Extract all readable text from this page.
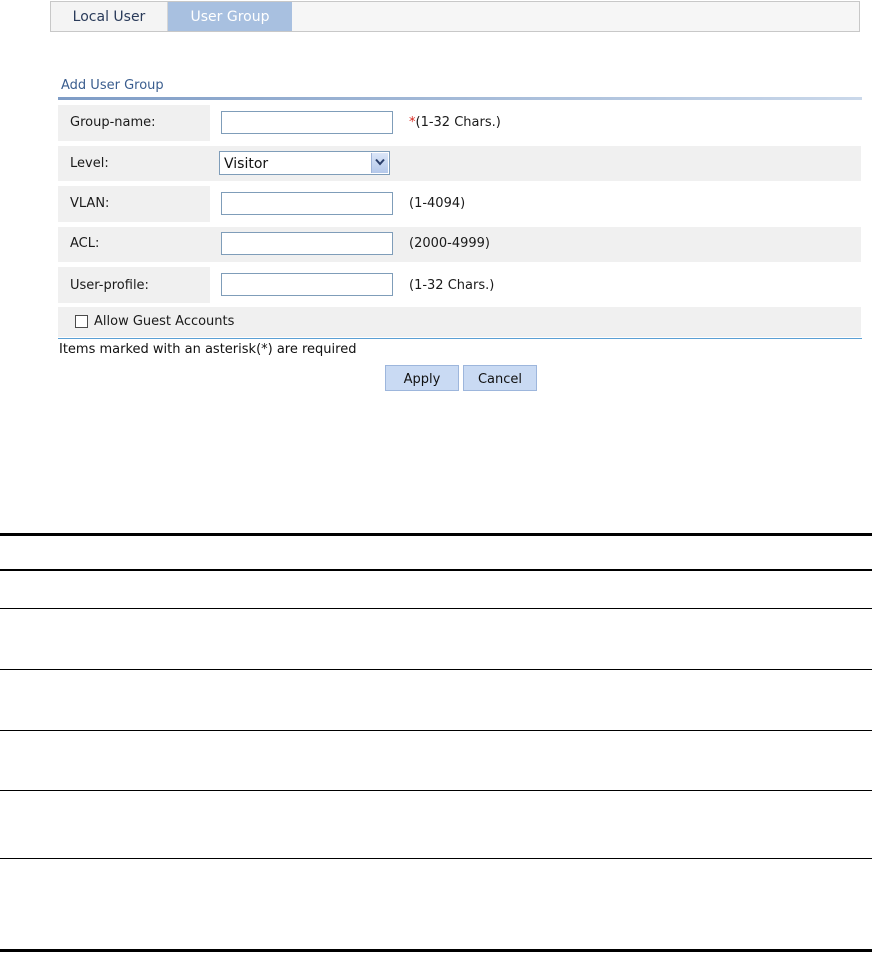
Local User	User Group
Add User Group
Group-name:	*(1-32 Chars.)
Level:	Visitor
VLAN:	(1-4094)
ACL:	(2000-4999)
User-profile:	(1-32 Chars.)
Allow Guest Accounts
Items marked with an asterisk(*) are required
Apply	Cancel
